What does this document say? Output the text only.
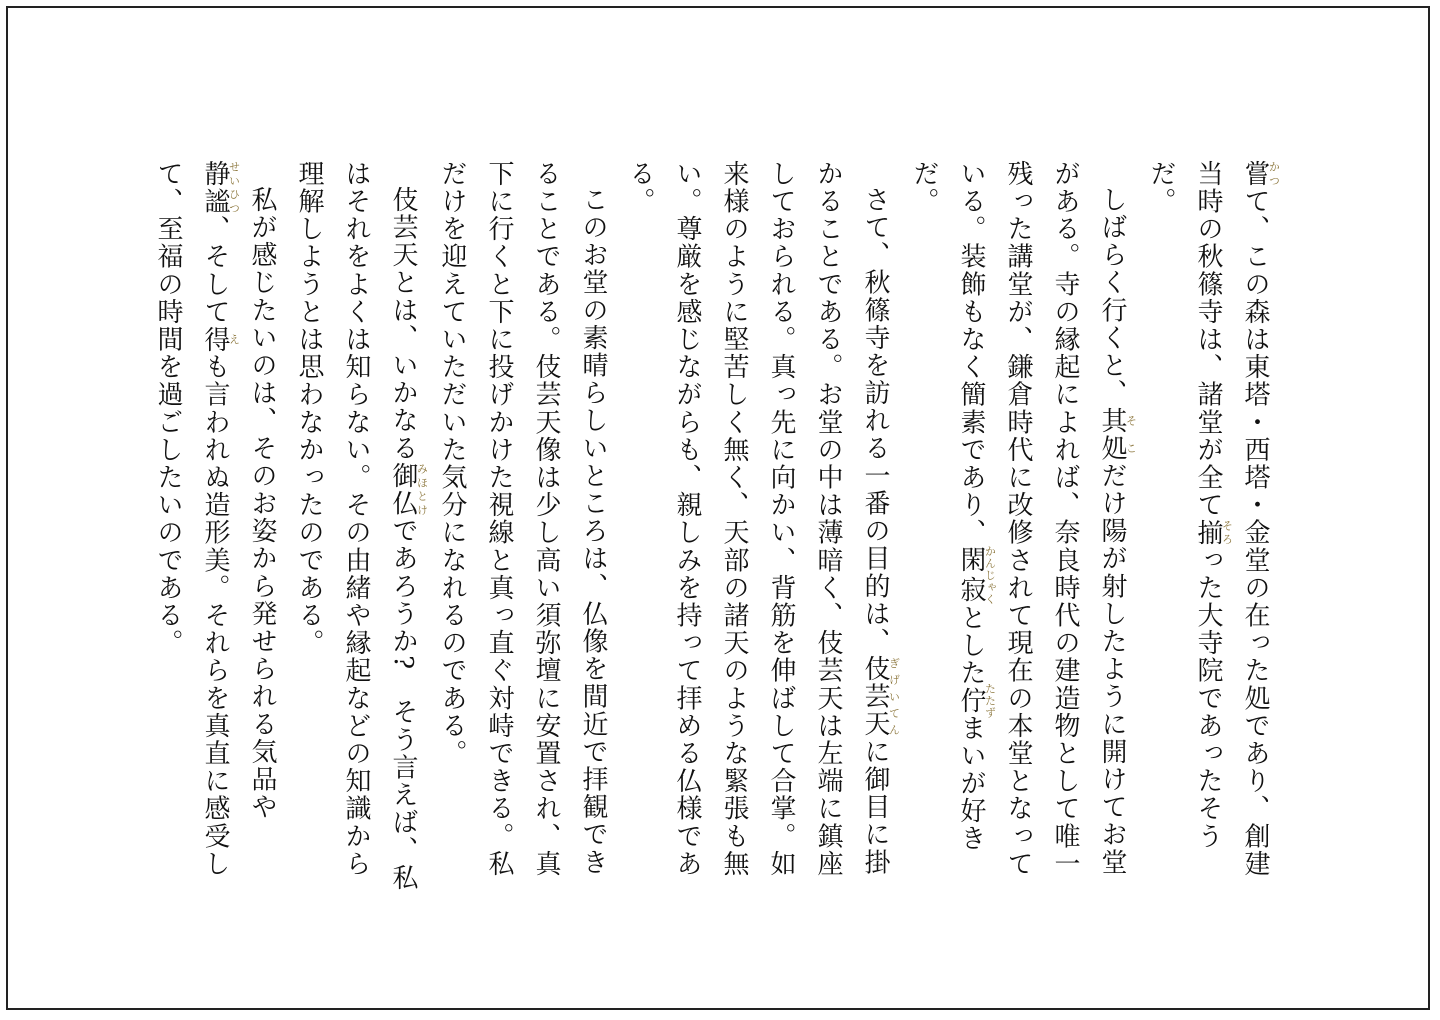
嘗かつて、この森は東塔・西塔・金堂の在った処であり、創建当時の秋篠寺は、諸堂が全て揃そろった大寺院であったそうだ。

しばらく行くと、其処そこだけ陽が射したように開けてお堂がある。寺の縁起によれば、奈良時代の建造物として唯一残った講堂が、鎌倉時代に改修されて現在の本堂となっている。装飾もなく簡素であり、閑寂かんじゃくとした佇たたずまいが好きだ。

さて、秋篠寺を訪れる一番の目的は、伎芸天ぎげいてんに御目に掛かることである。お堂の中は薄暗く、伎芸天は左端に鎮座しておられる。真っ先に向かい、背筋を伸ばして合掌。如来様のように堅苦しく無く、天部の諸天のような緊張も無い。尊厳を感じながらも、親しみを持って拝める仏様である。

このお堂の素晴らしいところは、仏像を間近で拝観できることである。伎芸天像は少し高い須弥壇に安置され、真下に行くと下に投げかけた視線と真っ直ぐ対峙できる。私だけを迎えていただいた気分になれるのである。

伎芸天とは、いかなる御仏みほとけであろうか?　そう言えば、私はそれをよくは知らない。その由緒や縁起などの知識から理解しようとは思わなかったのである。

私が感じたいのは、そのお姿から発せられる気品や静謐せいひつ、そして得えも言われぬ造形美。それらを真直に感受して、至福の時間を過ごしたいのである。
